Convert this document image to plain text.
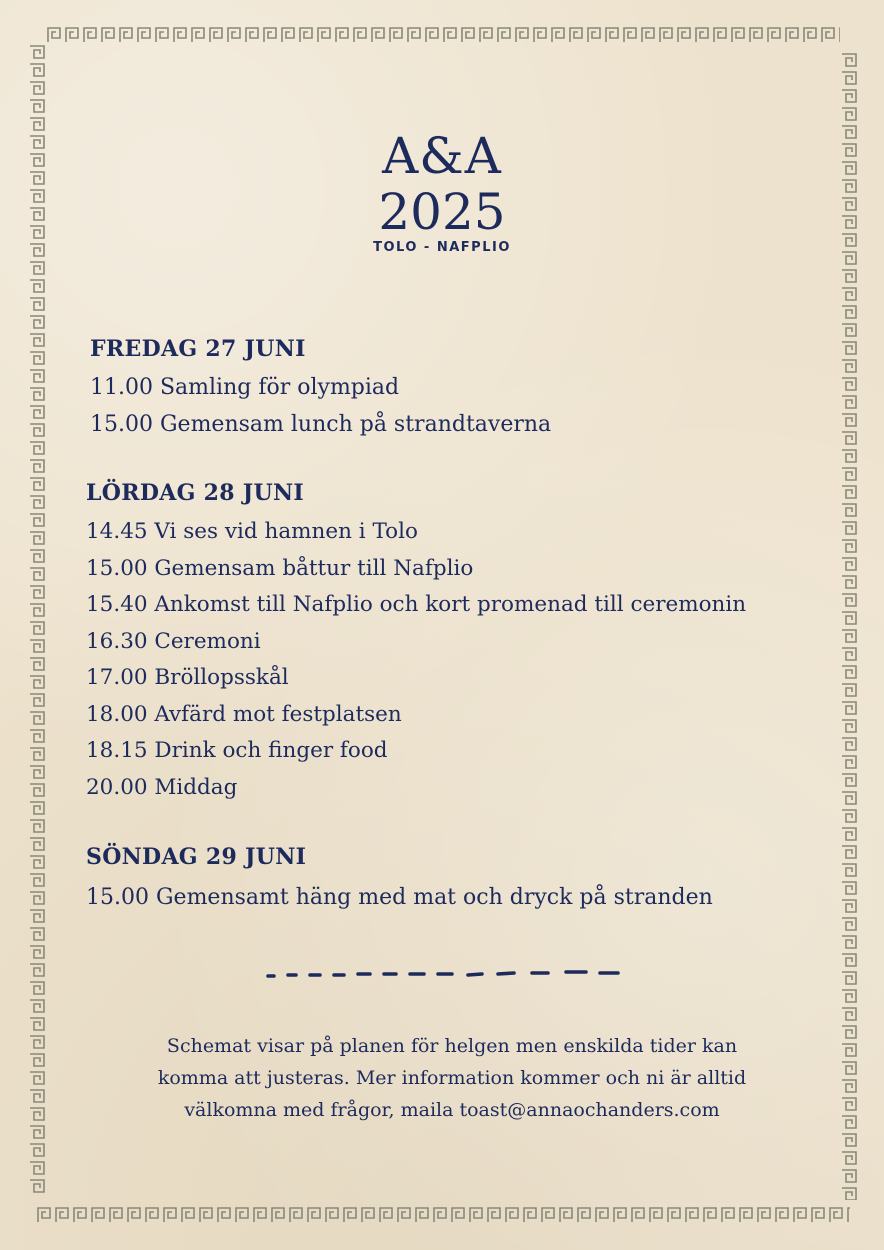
A&A
2025
TOLO - NAFPLIO
FREDAG 27 JUNI
11.00 Samling för olympiad
15.00 Gemensam lunch på strandtaverna
LÖRDAG 28 JUNI
14.45 Vi ses vid hamnen i Tolo
15.00 Gemensam båttur till Nafplio
15.40 Ankomst till Nafplio och kort promenad till ceremonin
16.30 Ceremoni
17.00 Bröllopsskål
18.00 Avfärd mot festplatsen
18.15 Drink och finger food
20.00 Middag
SÖNDAG 29 JUNI
15.00 Gemensamt häng med mat och dryck på stranden
Schemat visar på planen för helgen men enskilda tider kan
komma att justeras. Mer information kommer och ni är alltid
välkomna med frågor, maila toast@annaochanders.com
